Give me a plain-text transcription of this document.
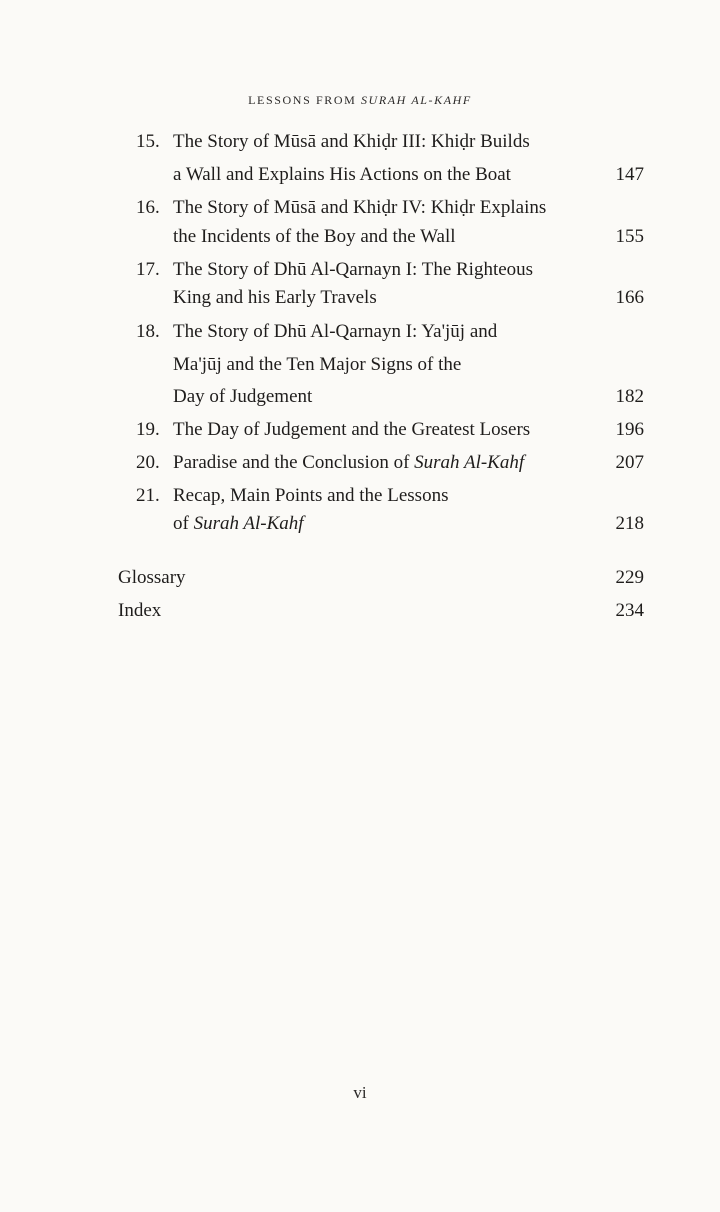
LESSONS FROM SURAH AL-KAHF
15. The Story of Mūsā and Khiḍr III: Khiḍr Builds
a Wall and Explains His Actions on the Boat	147
16. The Story of Mūsā and Khiḍr IV: Khiḍr Explains
the Incidents of the Boy and the Wall	155
17. The Story of Dhū Al-Qarnayn I: The Righteous
King and his Early Travels	166
18. The Story of Dhū Al-Qarnayn I: Ya'jūj and
Ma'jūj and the Ten Major Signs of the
Day of Judgement	182
19. The Day of Judgement and the Greatest Losers	196
20. Paradise and the Conclusion of Surah Al-Kahf	207
21. Recap, Main Points and the Lessons
of Surah Al-Kahf	218
Glossary	229
Index	234
vi
